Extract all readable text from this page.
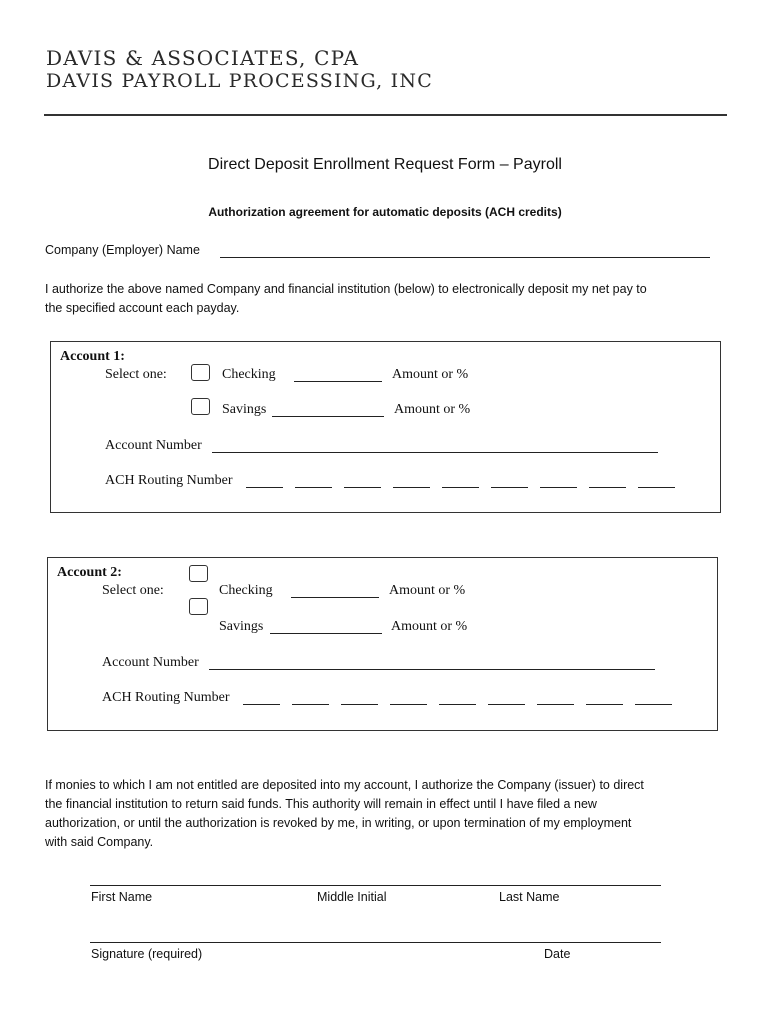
DAVIS & ASSOCIATES, CPA
DAVIS PAYROLL PROCESSING, INC
Direct Deposit Enrollment Request Form – Payroll
Authorization agreement for automatic deposits (ACH credits)
Company (Employer) Name
I authorize the above named Company and financial institution (below) to electronically deposit my net pay to
the specified account each payday.
Account 1:
Select one:	Checking	Amount or %
Savings	Amount or %
Account Number
ACH Routing Number
Account 2:
Select one:	Checking	Amount or %
Savings	Amount or %
Account Number
ACH Routing Number
If monies to which I am not entitled are deposited into my account, I authorize the Company (issuer) to direct
the financial institution to return said funds. This authority will remain in effect until I have filed a new
authorization, or until the authorization is revoked by me, in writing, or upon termination of my employment
with said Company.
First Name	Middle Initial	Last Name
Signature (required)	Date
